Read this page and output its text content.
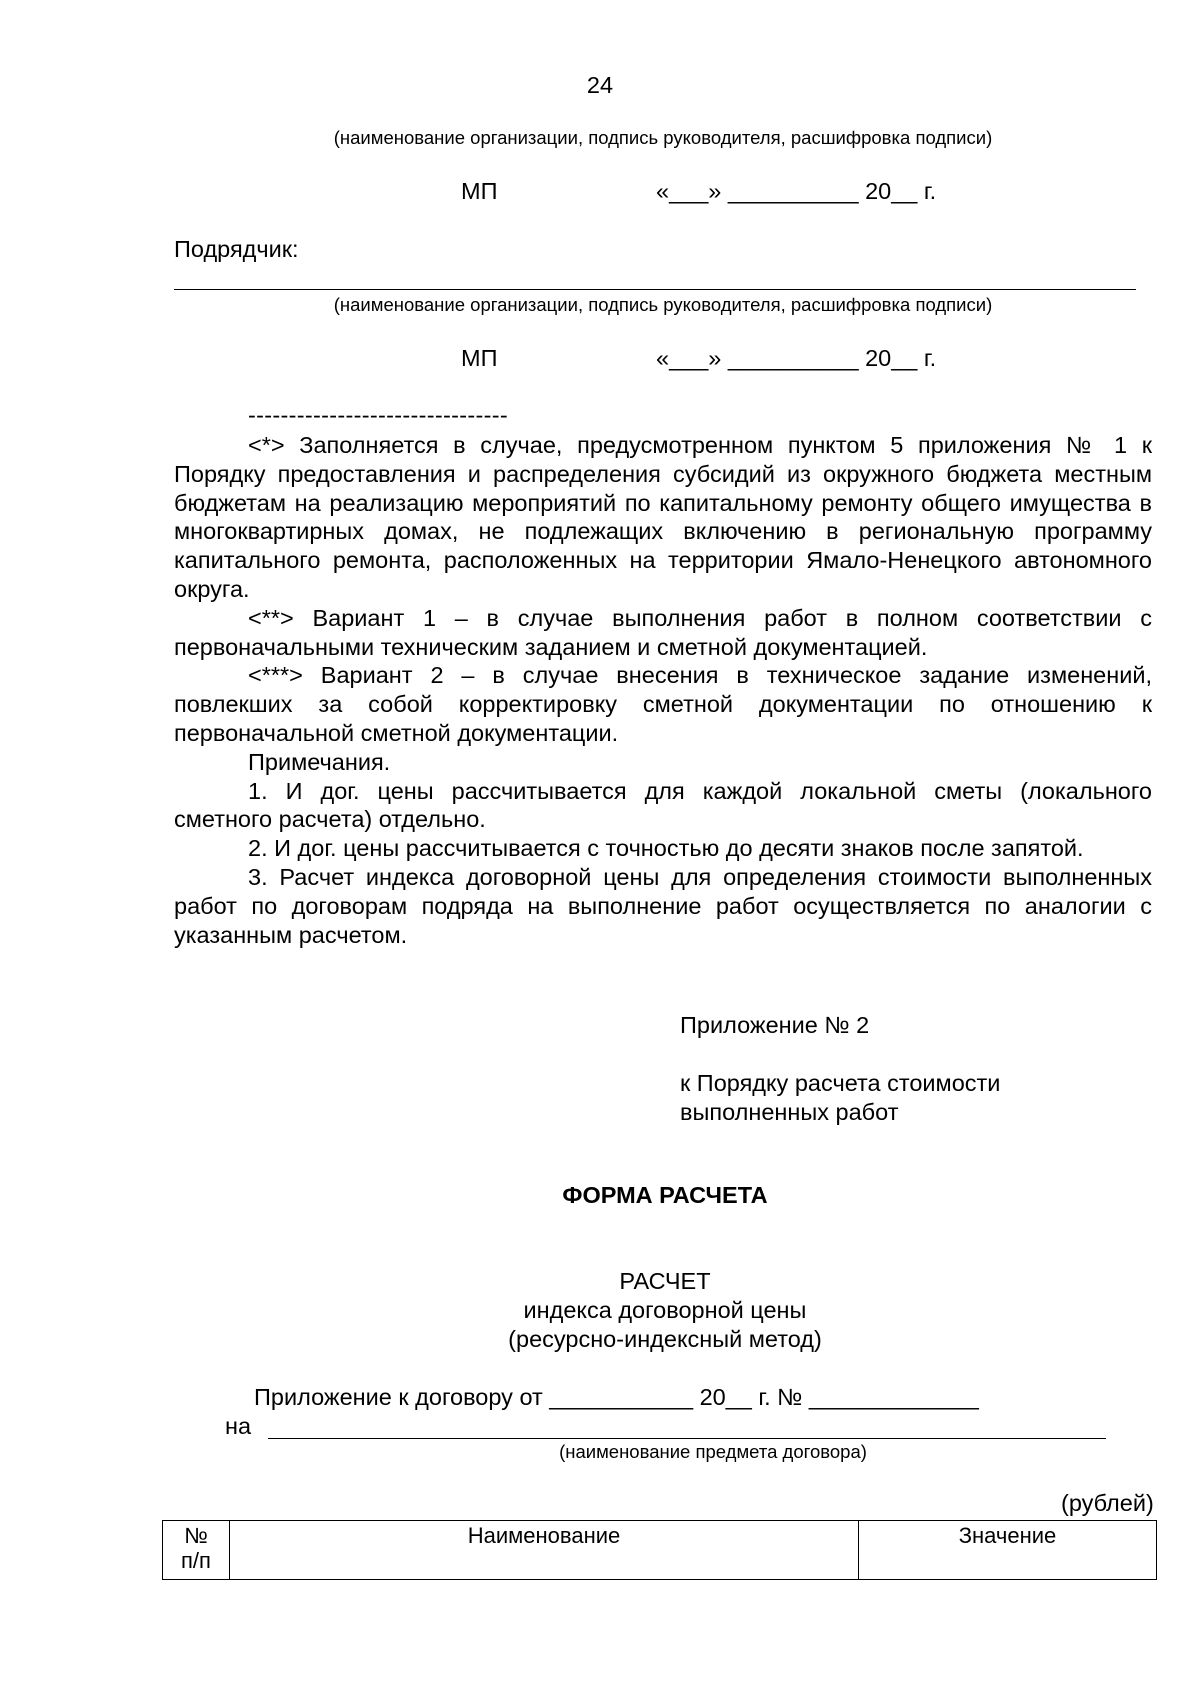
24
(наименование организации, подпись руководителя, расшифровка подписи)
МП	«___» __________ 20__ г.
Подрядчик:
(наименование организации, подпись руководителя, расшифровка подписи)
МП	«___» __________ 20__ г.
--------------------------------

<*> Заполняется в случае, предусмотренном пунктом 5 приложения № 1 к Порядку предоставления и распределения субсидий из окружного бюджета местным бюджетам на реализацию мероприятий по капитальному ремонту общего имущества в многоквартирных домах, не подлежащих включению в региональную программу капитального ремонта, расположенных на территории Ямало-Ненецкого автономного округа.

<**> Вариант 1 – в случае выполнения работ в полном соответствии с первоначальными техническим заданием и сметной документацией.

<***> Вариант 2 – в случае внесения в техническое задание изменений, повлекших за собой корректировку сметной документации по отношению к первоначальной сметной документации.

Примечания.

1. И дог. цены рассчитывается для каждой локальной сметы (локального сметного расчета) отдельно.

2. И дог. цены рассчитывается с точностью до десяти знаков после запятой.

3. Расчет индекса договорной цены для определения стоимости выполненных работ по договорам подряда на выполнение работ осуществляется по аналогии с указанным расчетом.

Приложение № 2
к Порядку расчета стоимости
выполненных работ
ФОРМА РАСЧЕТА
РАСЧЕТ
индекса договорной цены
(ресурсно-индексный метод)
Приложение к договору от ___________ 20__ г. № _____________
на
(наименование предмета договора)
(рублей)
№
п/п	Наименование	Значение
